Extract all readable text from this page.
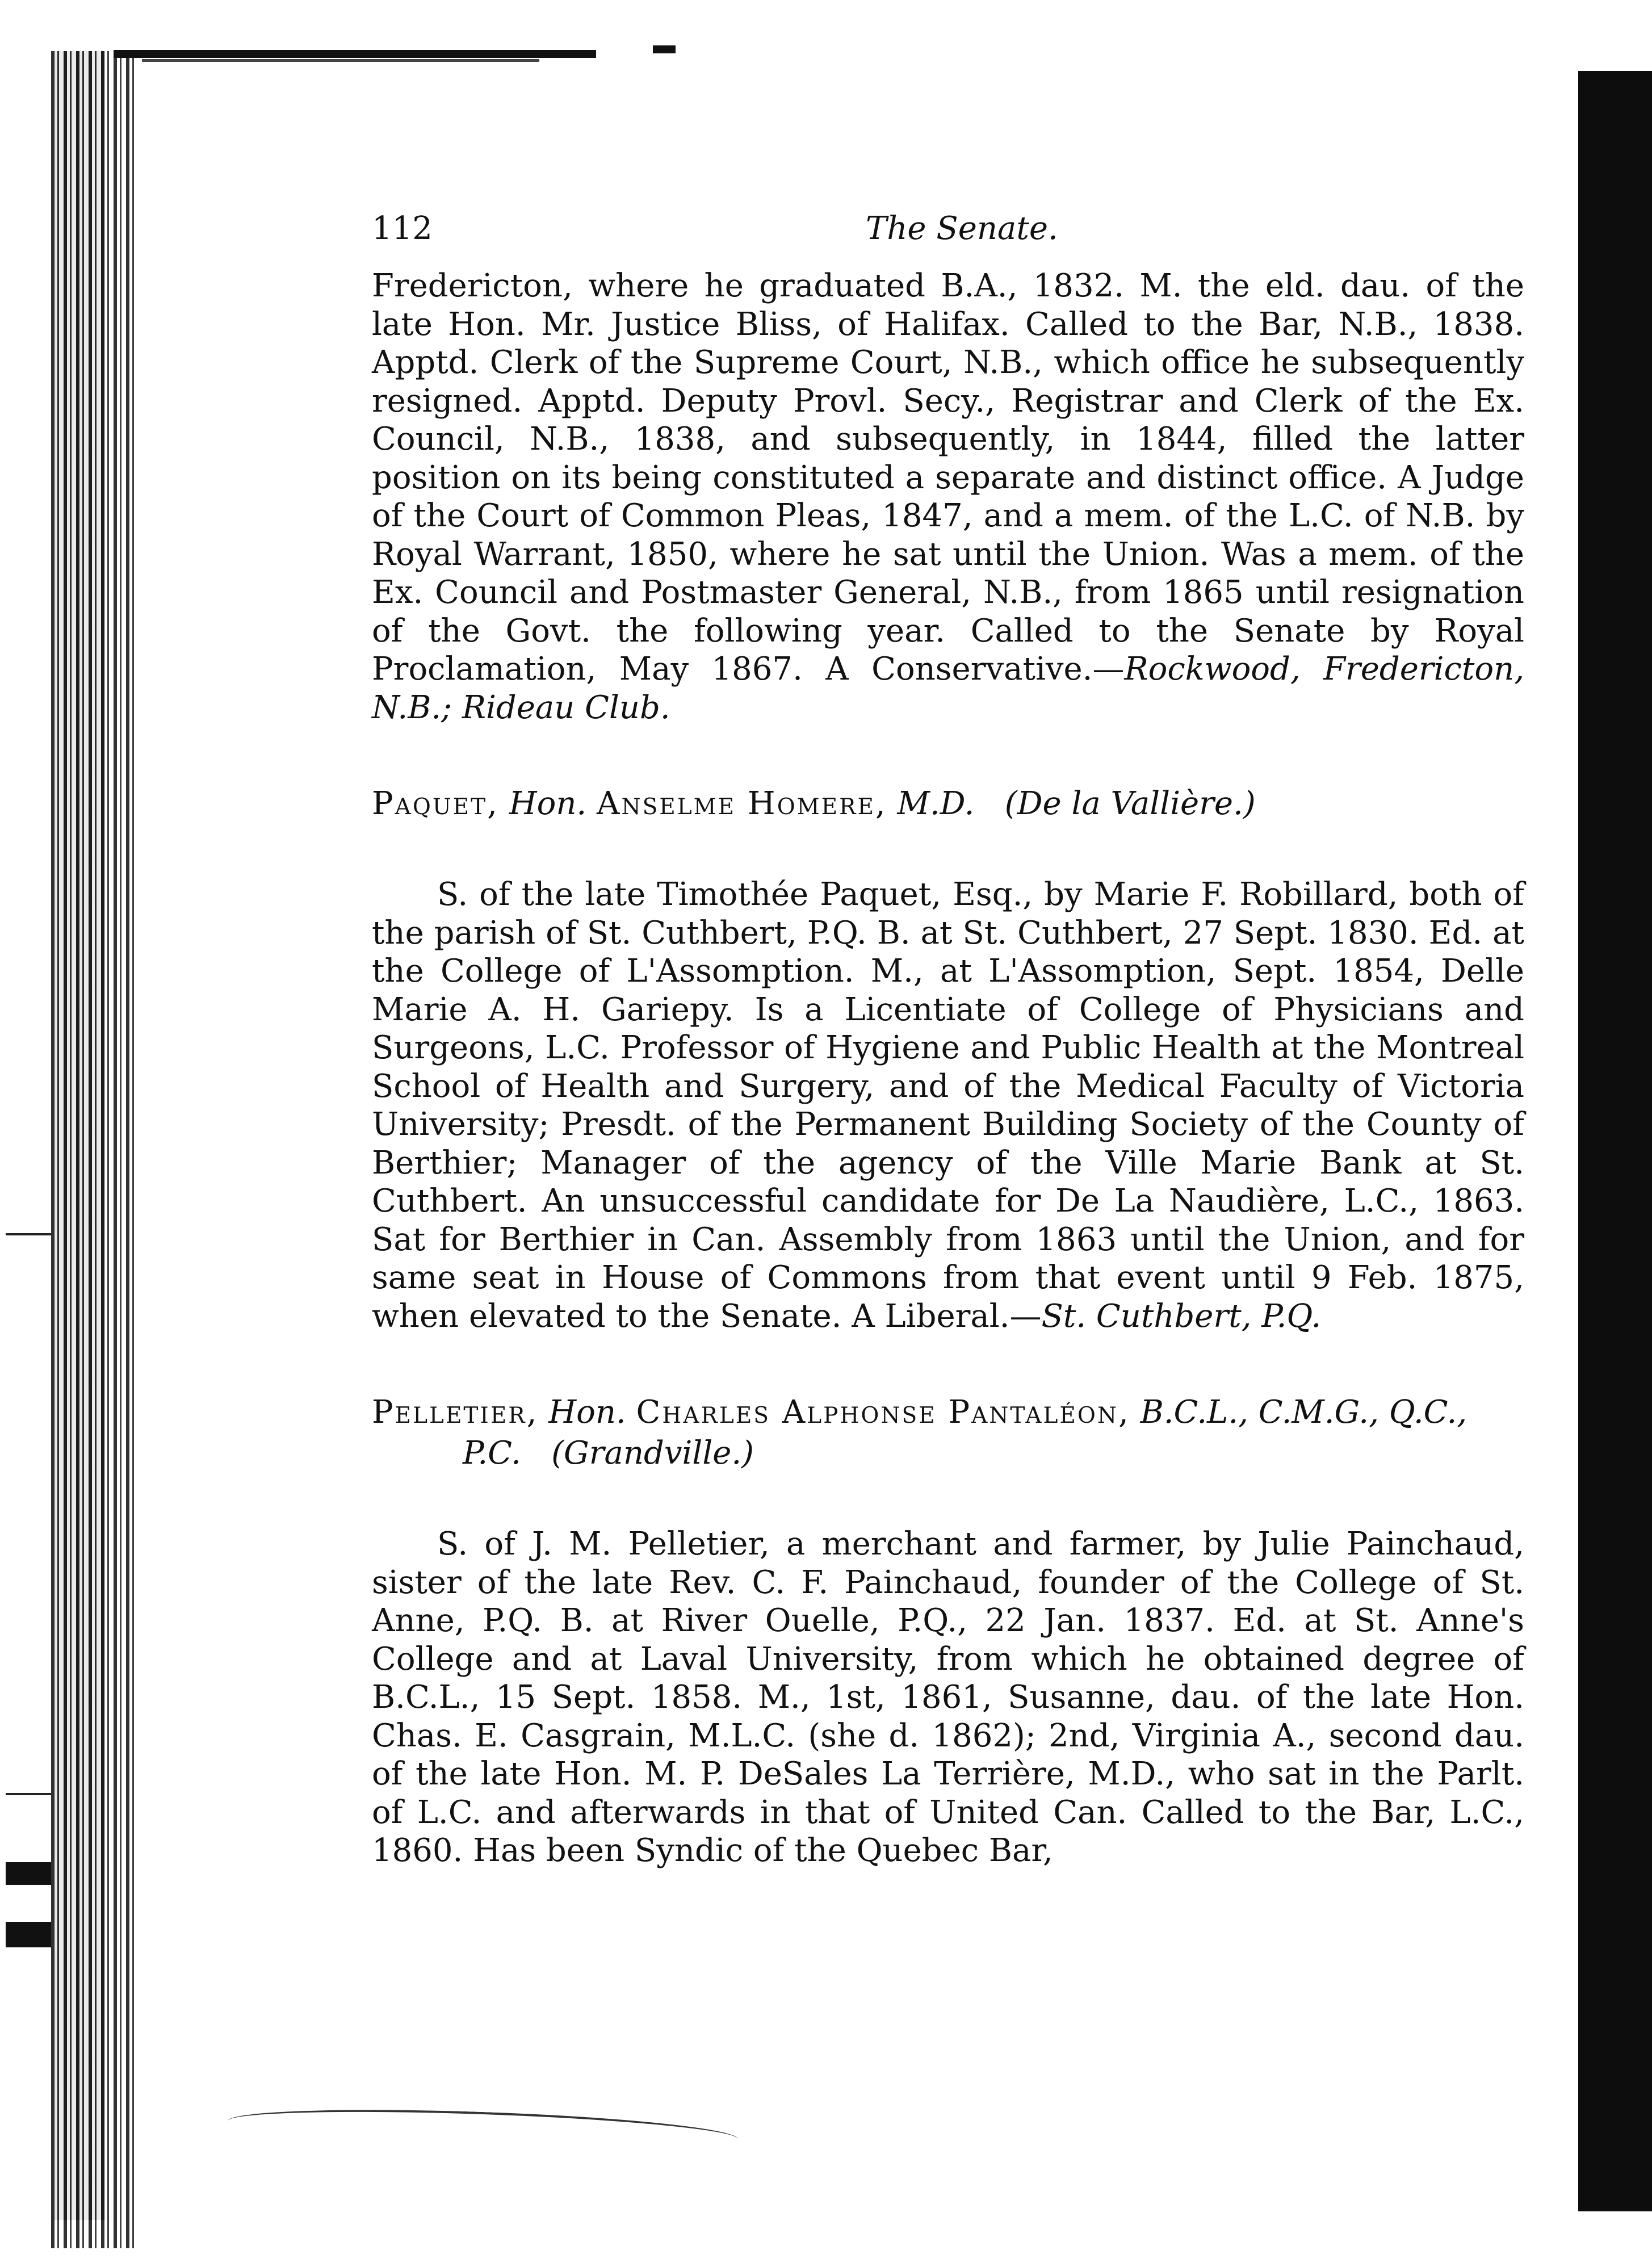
112	The Senate.

Fredericton, where he graduated B.A., 1832. M. the eld. dau. of the late Hon. Mr. Justice Bliss, of Halifax. Called to the Bar, N.B., 1838. Apptd. Clerk of the Supreme Court, N.B., which office he subsequently resigned. Apptd. Deputy Provl. Secy., Registrar and Clerk of the Ex. Council, N.B., 1838, and subsequently, in 1844, filled the latter position on its being constituted a separate and distinct office. A Judge of the Court of Common Pleas, 1847, and a mem. of the L.C. of N.B. by Royal Warrant, 1850, where he sat until the Union. Was a mem. of the Ex. Council and Postmaster General, N.B., from 1865 until resignation of the Govt. the following year. Called to the Senate by Royal Proclamation, May 1867. A Conservative.—Rockwood, Fredericton, N.B.; Rideau Club.

Paquet, Hon. Anselme Homere, M.D. (De la Vallière.)

S. of the late Timothée Paquet, Esq., by Marie F. Robillard, both of the parish of St. Cuthbert, P.Q. B. at St. Cuthbert, 27 Sept. 1830. Ed. at the College of L'Assomption. M., at L'Assomption, Sept. 1854, Delle Marie A. H. Gariepy. Is a Licentiate of College of Physicians and Surgeons, L.C. Professor of Hygiene and Public Health at the Montreal School of Health and Surgery, and of the Medical Faculty of Victoria University; Presdt. of the Permanent Building Society of the County of Berthier; Manager of the agency of the Ville Marie Bank at St. Cuthbert. An unsuccessful candidate for De La Naudière, L.C., 1863. Sat for Berthier in Can. Assembly from 1863 until the Union, and for same seat in House of Commons from that event until 9 Feb. 1875, when elevated to the Senate. A Liberal.—St. Cuthbert, P.Q.

Pelletier, Hon. Charles Alphonse Pantaléon, B.C.L., C.M.G., Q.C., P.C. (Grandville.)

S. of J. M. Pelletier, a merchant and farmer, by Julie Painchaud, sister of the late Rev. C. F. Painchaud, founder of the College of St. Anne, P.Q. B. at River Ouelle, P.Q., 22 Jan. 1837. Ed. at St. Anne's College and at Laval University, from which he obtained degree of B.C.L., 15 Sept. 1858. M., 1st, 1861, Susanne, dau. of the late Hon. Chas. E. Casgrain, M.L.C. (she d. 1862); 2nd, Virginia A., second dau. of the late Hon. M. P. DeSales La Terrière, M.D., who sat in the Parlt. of L.C. and afterwards in that of United Can. Called to the Bar, L.C., 1860. Has been Syndic of the Quebec Bar,
